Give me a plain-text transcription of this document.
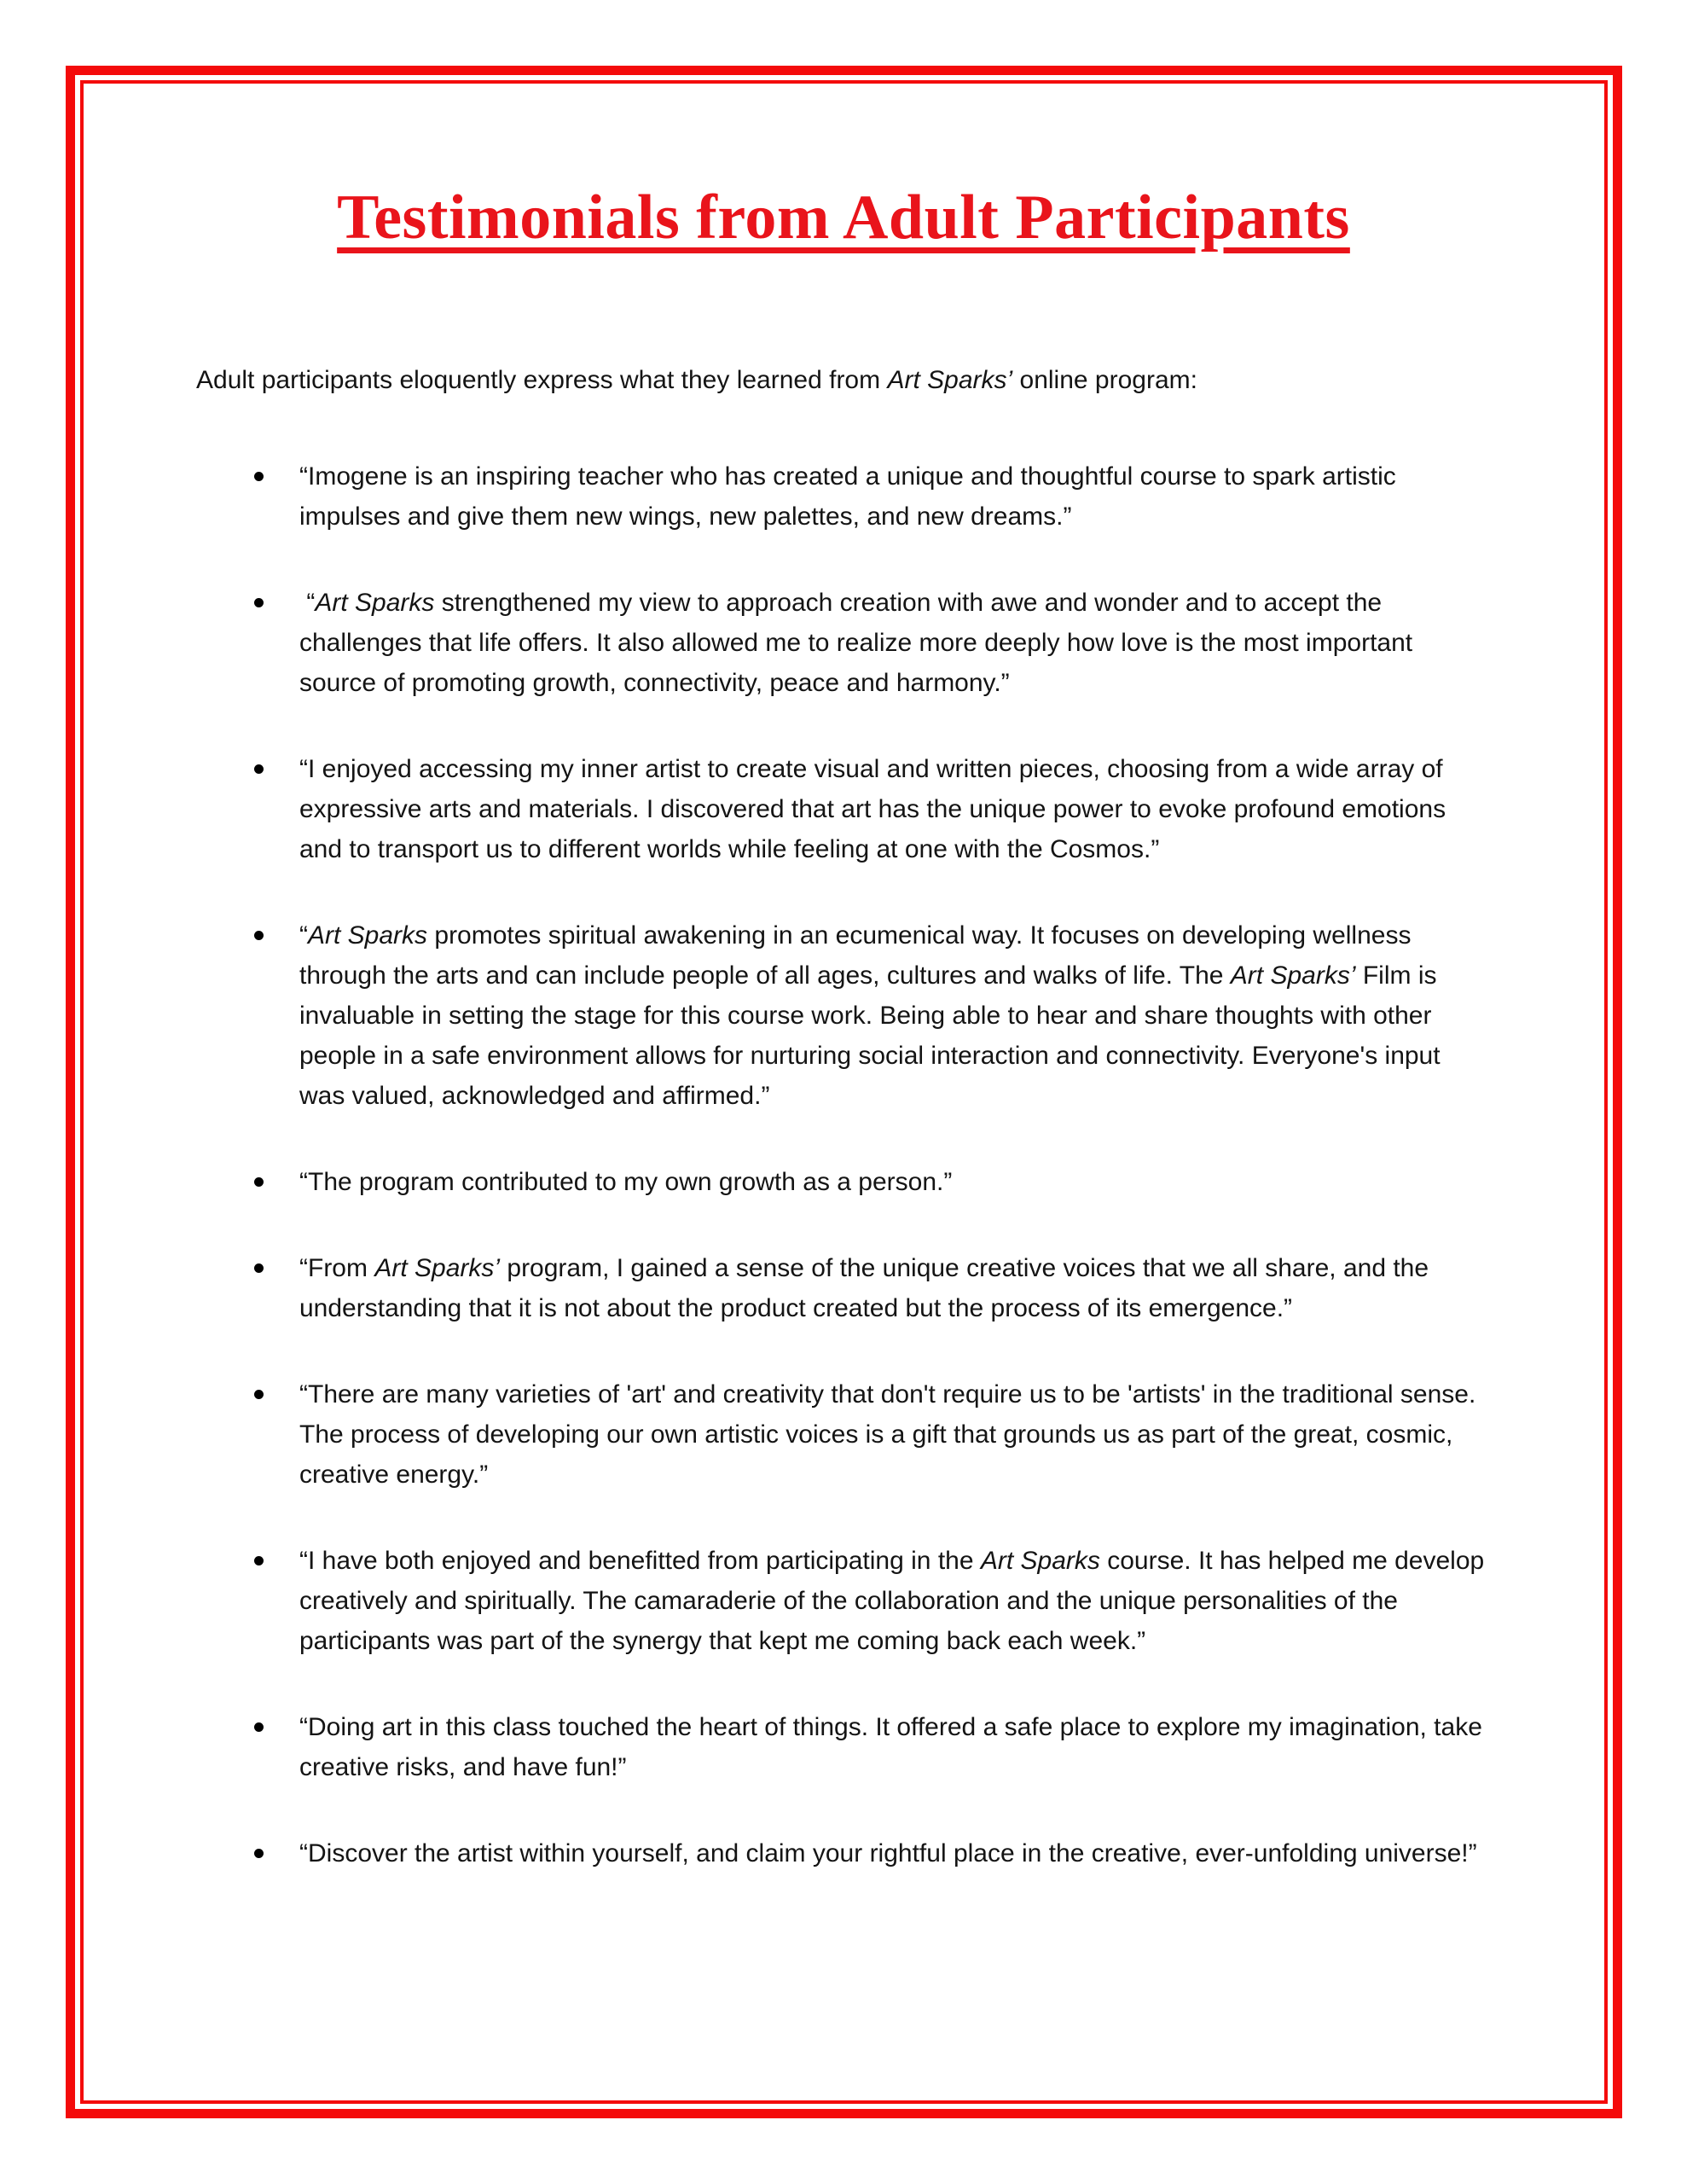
Testimonials from Adult Participants

Adult participants eloquently express what they learned from Art Sparks’ online program:

“Imogene is an inspiring teacher who has created a unique and thoughtful course to spark artistic impulses and give them new wings, new palettes, and new dreams.”
“Art Sparks strengthened my view to approach creation with awe and wonder and to accept the challenges that life offers. It also allowed me to realize more deeply how love is the most important source of promoting growth, connectivity, peace and harmony.”
“I enjoyed accessing my inner artist to create visual and written pieces, choosing from a wide array of expressive arts and materials. I discovered that art has the unique power to evoke profound emotions and to transport us to different worlds while feeling at one with the Cosmos.”
“Art Sparks promotes spiritual awakening in an ecumenical way. It focuses on developing wellness through the arts and can include people of all ages, cultures and walks of life. The Art Sparks’ Film is invaluable in setting the stage for this course work. Being able to hear and share thoughts with other people in a safe environment allows for nurturing social interaction and connectivity. Everyone's input was valued, acknowledged and affirmed.”
“The program contributed to my own growth as a person.”
“From Art Sparks’ program, I gained a sense of the unique creative voices that we all share, and the understanding that it is not about the product created but the process of its emergence.”
“There are many varieties of 'art' and creativity that don't require us to be 'artists' in the traditional sense. The process of developing our own artistic voices is a gift that grounds us as part of the great, cosmic, creative energy.”
“I have both enjoyed and benefitted from participating in the Art Sparks course. It has helped me develop creatively and spiritually. The camaraderie of the collaboration and the unique personalities of the participants was part of the synergy that kept me coming back each week.”
“Doing art in this class touched the heart of things. It offered a safe place to explore my imagination, take creative risks, and have fun!”
“Discover the artist within yourself, and claim your rightful place in the creative, ever-unfolding universe!”
